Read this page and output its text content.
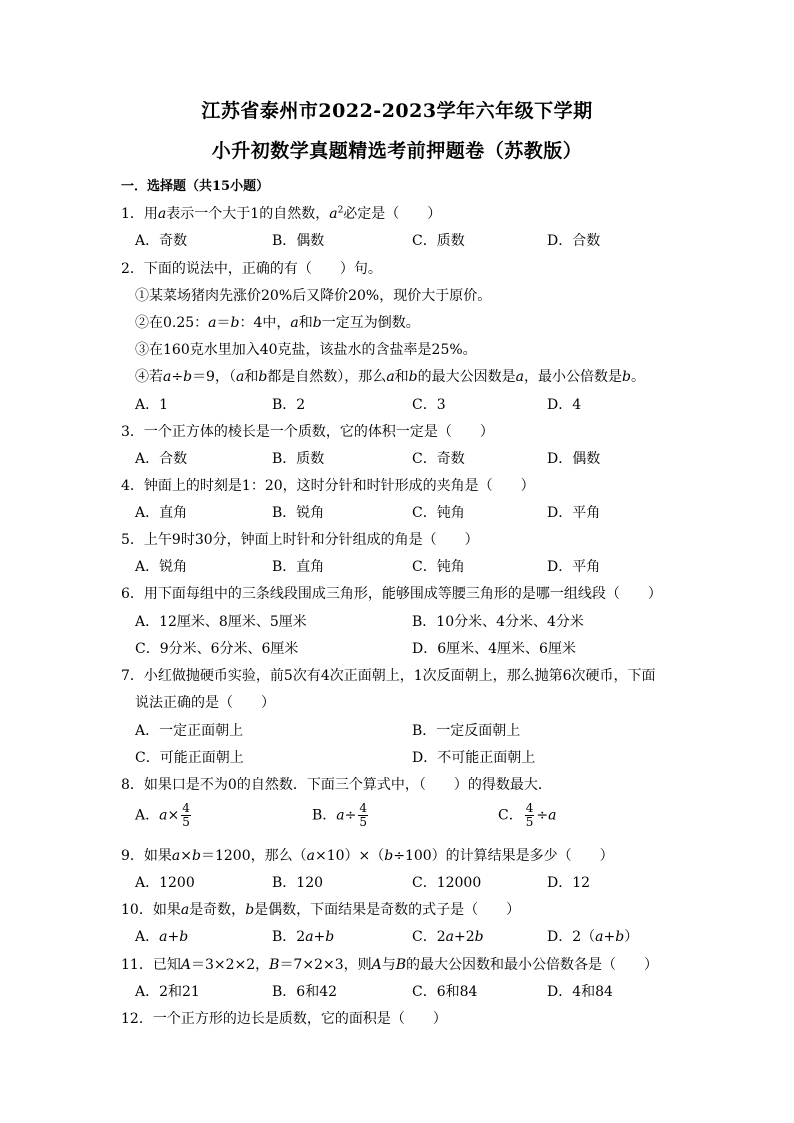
江苏省泰州市2022-2023学年六年级下学期
小升初数学真题精选考前押题卷（苏教版）
一．选择题（共15小题）
1．用a表示一个大于1的自然数，$a^2$必定是（　　）
A．奇数	B．偶数	C．质数	D．合数
2．下面的说法中，正确的有（　　）句。
①某菜场猪肉先涨价20%后又降价20%，现价大于原价。
②在0.25：a＝b：4中，a和b一定互为倒数。
③在160克水里加入40克盐，该盐水的含盐率是25%。
④若a÷b＝9，（a和b都是自然数），那么a和b的最大公因数是a，最小公倍数是b。
A．1	B．2	C．3	D．4
3．一个正方体的棱长是一个质数，它的体积一定是（　　）
A．合数	B．质数	C．奇数	D．偶数
4．钟面上的时刻是1：20，这时分针和时针形成的夹角是（　　）
A．直角	B．锐角	C．钝角	D．平角
5．上午9时30分，钟面上时针和分针组成的角是（　　）
A．锐角	B．直角	C．钝角	D．平角
6．用下面每组中的三条线段围成三角形，能够围成等腰三角形的是哪一组线段（　　）
A．12厘米、8厘米、5厘米	B．10分米、4分米、4分米
C．9分米、6分米、6厘米	D．6厘米、4厘米、6厘米
7．小红做抛硬币实验，前5次有4次正面朝上，1次反面朝上，那么抛第6次硬币，下面
说法正确的是（　　）
A．一定正面朝上	B．一定反面朝上
C．可能正面朝上	D．不可能正面朝上
8．如果口是不为0的自然数．下面三个算式中，（　　）的得数最大．
A．$a\times \frac{4}{5}$	B．$a\div \frac{4}{5}$	C． $\frac{4}{5} \div a$
9．如果a×b＝1200，那么（a×10）×（b÷100）的计算结果是多少（　　）
A．1200	B．120	C．12000	D．12
10．如果a是奇数，b是偶数，下面结果是奇数的式子是（　　）
A．a+b	B．2a+b	C．2a+2b	D．2（a+b）
11．已知A＝3×2×2，B＝7×2×3，则A与B的最大公因数和最小公倍数各是（　　）
A．2和21	B．6和42	C．6和84	D．4和84
12．一个正方形的边长是质数，它的面积是（　　）
